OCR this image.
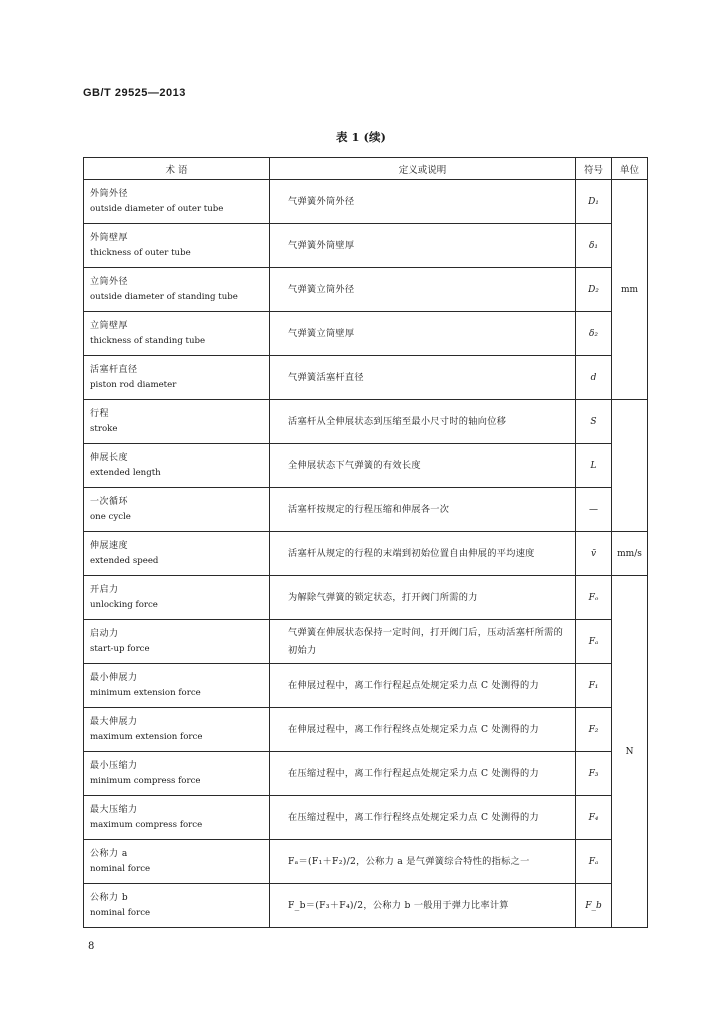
GB/T 29525—2013
表 1 (续)
术 语	定义或说明	符号	单位

外筒外径
outside diameter of outer tube	气弹簧外筒外径	D₁	mm

外筒壁厚
thickness of outer tube	气弹簧外筒壁厚	δ₁	

立筒外径
outside diameter of standing tube	气弹簧立筒外径	D₂	

立筒壁厚
thickness of standing tube	气弹簧立筒壁厚	δ₂	

活塞杆直径
piston rod diameter	气弹簧活塞杆直径	d	

行程
stroke	活塞杆从全伸展状态到压缩至最小尺寸时的轴向位移	S	

伸展长度
extended length	全伸展状态下气弹簧的有效长度	L	

一次循环
one cycle	活塞杆按规定的行程压缩和伸展各一次	—	

伸展速度
extended speed	活塞杆从规定的行程的末端到初始位置自由伸展的平均速度	v̄	mm/s

开启力
unlocking force	为解除气弹簧的锁定状态，打开阀门所需的力	Fₒ	N

启动力
start-up force	气弹簧在伸展状态保持一定时间，打开阀门后，压动活塞杆所需的初始力	Fₐ	

最小伸展力
minimum extension force	在伸展过程中，离工作行程起点处规定采力点 C 处测得的力	F₁	

最大伸展力
maximum extension force	在伸展过程中，离工作行程终点处规定采力点 C 处测得的力	F₂	

最小压缩力
minimum compress force	在压缩过程中，离工作行程起点处规定采力点 C 处测得的力	F₃	

最大压缩力
maximum compress force	在压缩过程中，离工作行程终点处规定采力点 C 处测得的力	F₄	

公称力 a
nominal force	Fₐ＝(F₁＋F₂)/2，公称力 a 是气弹簧综合特性的指标之一	Fₐ	

公称力 b
nominal force	F_b＝(F₃＋F₄)/2，公称力 b 一般用于弹力比率计算	F_b	
8
